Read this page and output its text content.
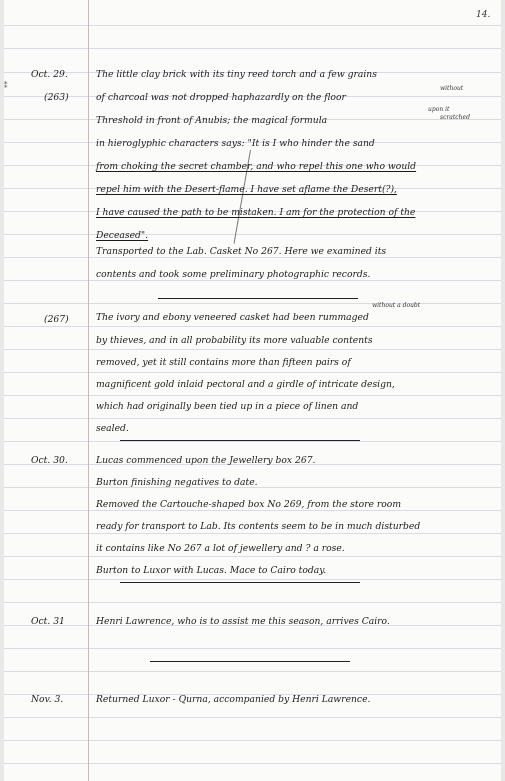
⁑
14.

Oct. 29.

(263)

The little clay brick with its tiny reed torch and a few grains

of charcoal was not dropped haphazardly on the floor

Threshold in front of Anubis; the magical formula

in hieroglyphic characters says: "It is I who hinder the sand

from choking the secret chamber, and who repel this one who would

repel him with the Desert-flame. I have set aflame the Desert(?),

I have caused the path to be mistaken. I am for the protection of the

Deceased".

without

upon it

scratched

Transported to the Lab. Casket No 267. Here we examined its

contents and took some preliminary photographic records.

(267)	The ivory and ebony veneered casket had been rummaged

by thieves, and in all probability its more valuable contents

removed, yet it still contains more than fifteen pairs of

magnificent gold inlaid pectoral and a girdle of intricate design,

which had originally been tied up in a piece of linen and

sealed.

without a doubt

Oct. 30.	Lucas commenced upon the Jewellery box 267.

Burton finishing negatives to date.

Removed the Cartouche-shaped box No 269, from the store room

ready for transport to Lab. Its contents seem to be in much disturbed

it contains like No 267 a lot of jewellery and ? a rose.

Burton to Luxor with Lucas. Mace to Cairo today.

Oct. 31	Henri Lawrence, who is to assist me this season, arrives Cairo.

Nov. 3.	Returned Luxor - Qurna, accompanied by Henri Lawrence.
